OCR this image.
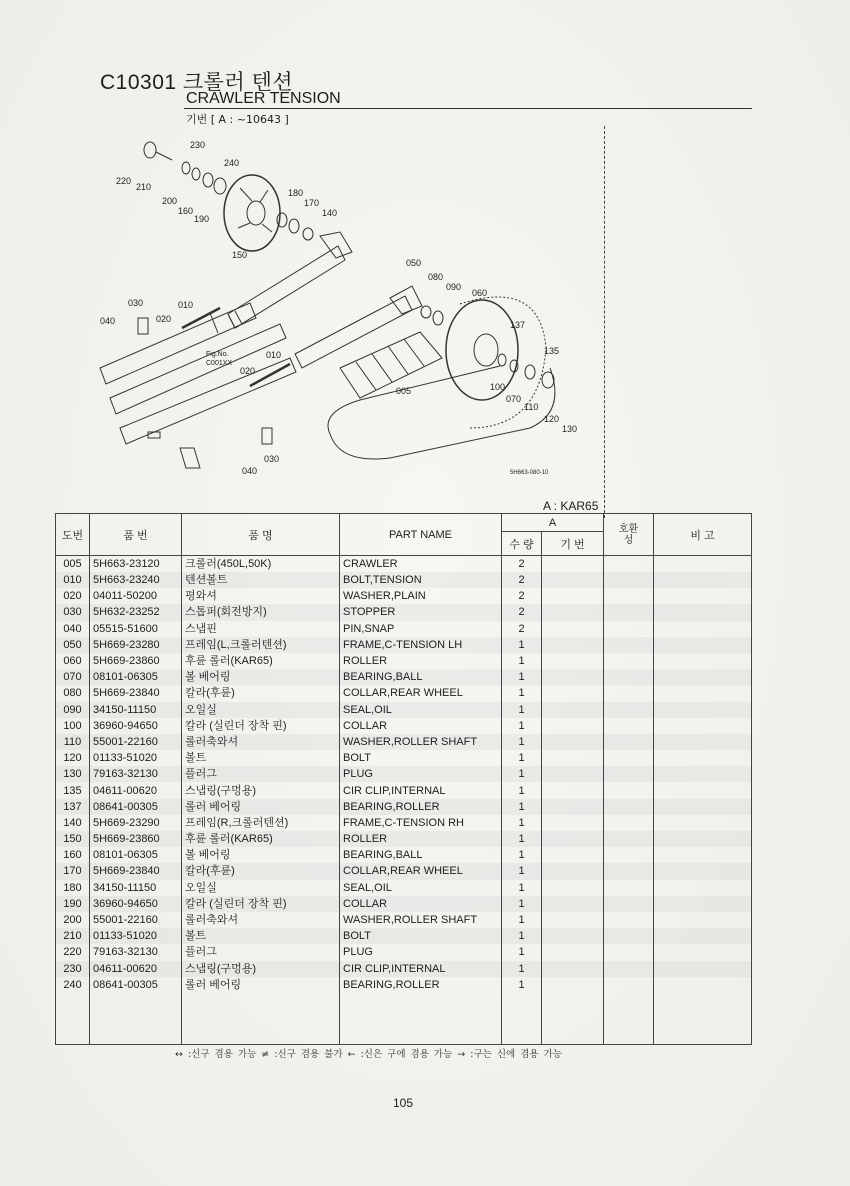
C10301 크롤러 텐션
CRAWLER TENSION
기번 [ A : ~10643 ]
230
240
220
210
200
160
190
180
170
140
150
050
080
090
060
137
135
100
070
110
120
130
030	010
040	020
010
020
005
030
040
Fig.No.
C001XX
5H663-080-10
A : KAR65
도번	품 번	품 명	PART NAME	A		호환성	비 고
				수 량	기 번		
005	5H663-23120	크롤러(450L,50K)	CRAWLER	2			
010	5H663-23240	텐션볼트	BOLT,TENSION	2			
020	04011-50200	평와셔	WASHER,PLAIN	2			
030	5H632-23252	스톱퍼(회전방지)	STOPPER	2			
040	05515-51600	스냅핀	PIN,SNAP	2			
050	5H669-23280	프레임(L,크롤러텐션)	FRAME,C-TENSION LH	1			
060	5H669-23860	후륜 롤러(KAR65)	ROLLER	1			
070	08101-06305	볼 베어링	BEARING,BALL	1			
080	5H669-23840	칼라(후륜)	COLLAR,REAR WHEEL	1			
090	34150-11150	오일실	SEAL,OIL	1			
100	36960-94650	칼라 (실린더 장착 핀)	COLLAR	1			
110	55001-22160	롤러축와셔	WASHER,ROLLER SHAFT	1			
120	01133-51020	볼트	BOLT	1			
130	79163-32130	플러그	PLUG	1			
135	04611-00620	스냅링(구멍용)	CIR CLIP,INTERNAL	1			
137	08641-00305	롤러 베어링	BEARING,ROLLER	1			
140	5H669-23290	프레임(R,크롤러텐션)	FRAME,C-TENSION RH	1			
150	5H669-23860	후륜 롤러(KAR65)	ROLLER	1			
160	08101-06305	볼 베어링	BEARING,BALL	1			
170	5H669-23840	칼라(후륜)	COLLAR,REAR WHEEL	1			
180	34150-11150	오일실	SEAL,OIL	1			
190	36960-94650	칼라 (실린더 장착 핀)	COLLAR	1			
200	55001-22160	롤러축와셔	WASHER,ROLLER SHAFT	1			
210	01133-51020	볼트	BOLT	1			
220	79163-32130	플러그	PLUG	1			
230	04611-00620	스냅링(구멍용)	CIR CLIP,INTERNAL	1			
240	08641-00305	롤러 베어링	BEARING,ROLLER	1			

↔ :신구 겸용 가능 ≠ :신구 겸용 불가 ← :신은 구에 겸용 가능 → :구는 신에 겸용 가능
105
